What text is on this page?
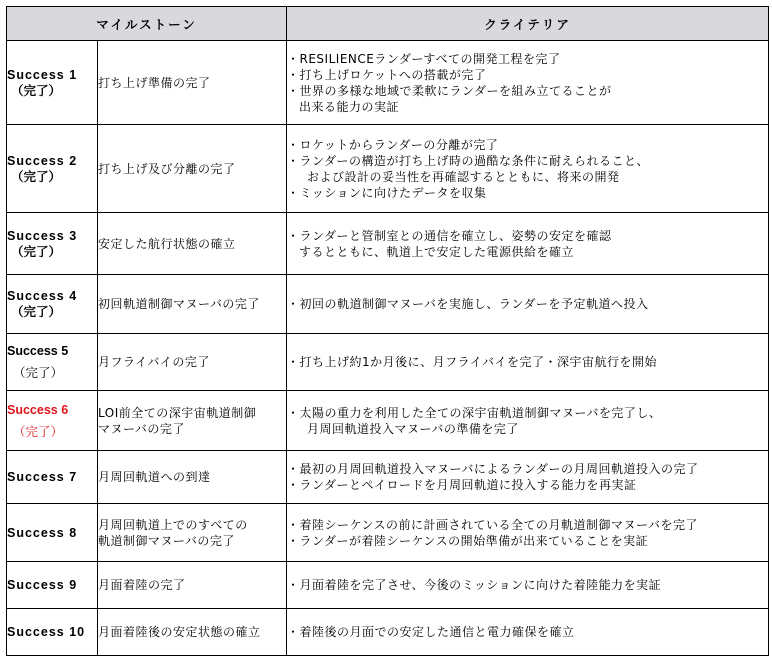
マイルストーン		クライテリア

Success 1
（完了）	打ち上げ準備の完了	・RESILIENCEランダーすべての開発工程を完了
・打ち上げロケットへの搭載が完了
・世界の多様な地域で柔軟にランダーを組み立てることが
出来る能力の実証

Success 2
（完了）	打ち上げ及び分離の完了	・ロケットからランダーの分離が完了
・ランダーの構造が打ち上げ時の過酷な条件に耐えられること、
および設計の妥当性を再確認するとともに、将来の開発
・ミッションに向けたデータを収集

Success 3
（完了）	安定した航行状態の確立	・ランダーと管制室との通信を確立し、姿勢の安定を確認
するとともに、軌道上で安定した電源供給を確立

Success 4
（完了）	初回軌道制御マヌーバの完了	・初回の軌道制御マヌーバを実施し、ランダーを予定軌道へ投入

Success 5
（完了）	月フライバイの完了	・打ち上げ約1か月後に、月フライバイを完了・深宇宙航行を開始

Success 6
（完了）	LOI前全ての深宇宙軌道制御
マヌーバの完了	・太陽の重力を利用した全ての深宇宙軌道制御マヌーバを完了し、
月周回軌道投入マヌーバの準備を完了

Success 7	月周回軌道への到達	・最初の月周回軌道投入マヌーバによるランダーの月周回軌道投入の完了
・ランダーとペイロードを月周回軌道に投入する能力を再実証

Success 8	月周回軌道上でのすべての
軌道制御マヌーバの完了	・着陸シーケンスの前に計画されている全ての月軌道制御マヌーバを完了
・ランダーが着陸シーケンスの開始準備が出来ていることを実証

Success 9	月面着陸の完了	・月面着陸を完了させ、今後のミッションに向けた着陸能力を実証

Success 10	月面着陸後の安定状態の確立	・着陸後の月面での安定した通信と電力確保を確立
